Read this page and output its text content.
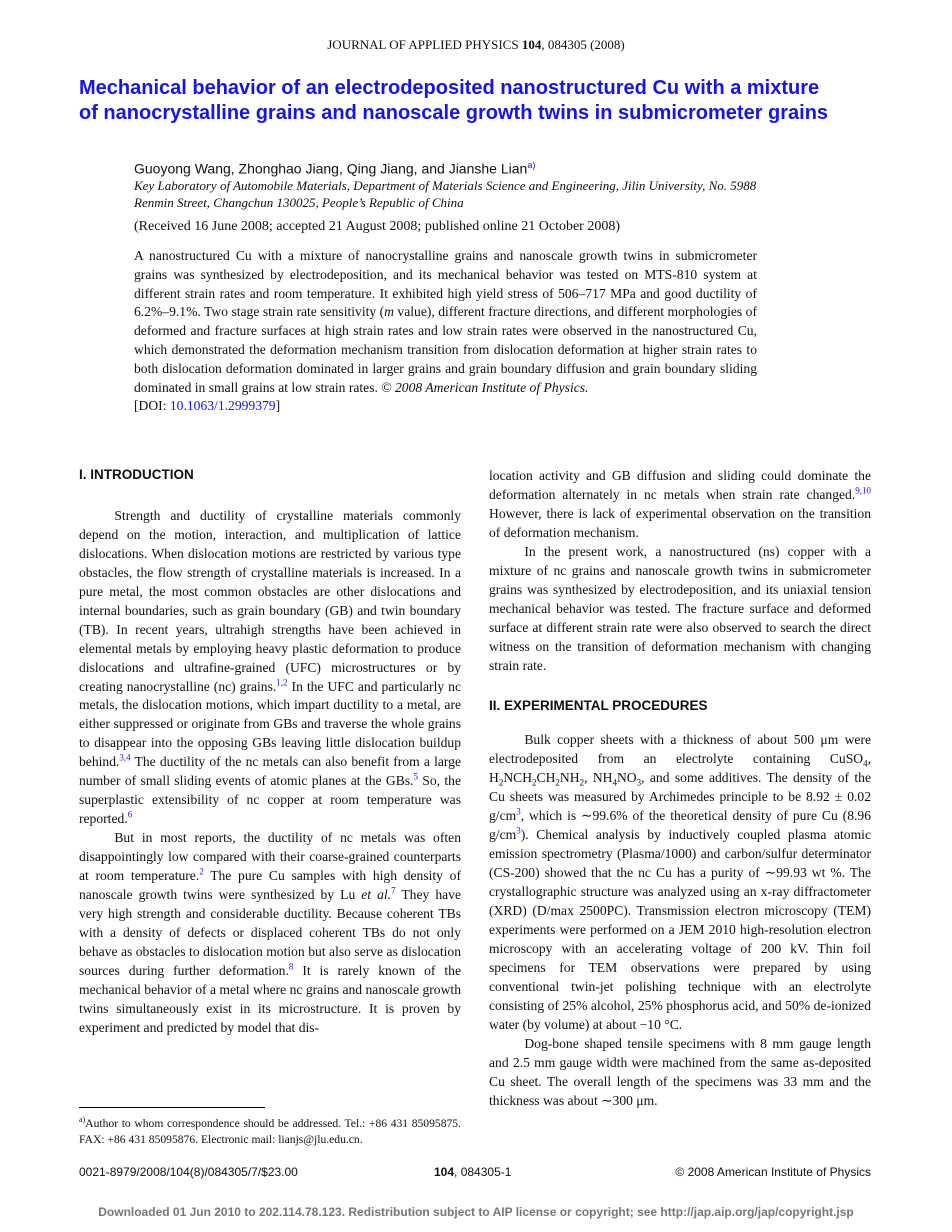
JOURNAL OF APPLIED PHYSICS 104, 084305 (2008)
Mechanical behavior of an electrodeposited nanostructured Cu with a mixture of nanocrystalline grains and nanoscale growth twins in submicrometer grains
Guoyong Wang, Zhonghao Jiang, Qing Jiang, and Jianshe Lian$^{a)}$
Key Laboratory of Automobile Materials, Department of Materials Science and Engineering, Jilin University, No. 5988 Renmin Street, Changchun 130025, People’s Republic of China
(Received 16 June 2008; accepted 21 August 2008; published online 21 October 2008)
A nanostructured Cu with a mixture of nanocrystalline grains and nanoscale growth twins in submicrometer grains was synthesized by electrodeposition, and its mechanical behavior was tested on MTS-810 system at different strain rates and room temperature. It exhibited high yield stress of 506–717 MPa and good ductility of 6.2%–9.1%. Two stage strain rate sensitivity (m value), different fracture directions, and different morphologies of deformed and fracture surfaces at high strain rates and low strain rates were observed in the nanostructured Cu, which demonstrated the deformation mechanism transition from dislocation deformation at higher strain rates to both dislocation deformation dominated in larger grains and grain boundary diffusion and grain boundary sliding dominated in small grains at low strain rates. © 2008 American Institute of Physics.
[DOI: 10.1063/1.2999379]

I. INTRODUCTION

Strength and ductility of crystalline materials commonly depend on the motion, interaction, and multiplication of lattice dislocations. When dislocation motions are restricted by various type obstacles, the flow strength of crystalline materials is increased. In a pure metal, the most common obstacles are other dislocations and internal boundaries, such as grain boundary (GB) and twin boundary (TB). In recent years, ultrahigh strengths have been achieved in elemental metals by employing heavy plastic deformation to produce dislocations and ultrafine-grained (UFC) microstructures or by creating nanocrystalline (nc) grains.$^{1,2}$ In the UFC and particularly nc metals, the dislocation motions, which impart ductility to a metal, are either suppressed or originate from GBs and traverse the whole grains to disappear into the opposing GBs leaving little dislocation buildup behind.$^{3,4}$ The ductility of the nc metals can also benefit from a large number of small sliding events of atomic planes at the GBs.$^5$ So, the superplastic extensibility of nc copper at room temperature was reported.$^6$

But in most reports, the ductility of nc metals was often disappointingly low compared with their coarse-grained counterparts at room temperature.$^2$ The pure Cu samples with high density of nanoscale growth twins were synthesized by Lu et al.$^7$ They have very high strength and considerable ductility. Because coherent TBs with a density of defects or displaced coherent TBs do not only behave as obstacles to dislocation motion but also serve as dislocation sources during further deformation.$^8$ It is rarely known of the mechanical behavior of a metal where nc grains and nanoscale growth twins simultaneously exist in its microstructure. It is proven by experiment and predicted by model that dis-

location activity and GB diffusion and sliding could dominate the deformation alternately in nc metals when strain rate changed.$^{9,10}$ However, there is lack of experimental observation on the transition of deformation mechanism.

In the present work, a nanostructured (ns) copper with a mixture of nc grains and nanoscale growth twins in submicrometer grains was synthesized by electrodeposition, and its uniaxial tension mechanical behavior was tested. The fracture surface and deformed surface at different strain rate were also observed to search the direct witness on the transition of deformation mechanism with changing strain rate.

II. EXPERIMENTAL PROCEDURES

Bulk copper sheets with a thickness of about 500 μm were electrodeposited from an electrolyte containing CuSO$_4$, $H_2NCH_2CH_2NH_2$, $NH_4NO_3$, and some additives. The density of the Cu sheets was measured by Archimedes principle to be 8.92 ± 0.02 $g/cm^3$, which is ∼99.6% of the theoretical density of pure Cu (8.96 $g/cm^3$). Chemical analysis by inductively coupled plasma atomic emission spectrometry (Plasma/1000) and carbon/sulfur determinator (CS-200) showed that the nc Cu has a purity of ∼99.93 wt %. The crystallographic structure was analyzed using an x-ray diffractometer (XRD) (D/max 2500PC). Transmission electron microscopy (TEM) experiments were performed on a JEM 2010 high-resolution electron microscopy with an accelerating voltage of 200 kV. Thin foil specimens for TEM observations were prepared by using conventional twin-jet polishing technique with an electrolyte consisting of 25% alcohol, 25% phosphorus acid, and 50% de-ionized water (by volume) at about −10 °C.

Dog-bone shaped tensile specimens with 8 mm gauge length and 2.5 mm gauge width were machined from the same as-deposited Cu sheet. The overall length of the specimens was 33 mm and the thickness was about ∼300 μm.

$^{a)}$Author to whom correspondence should be addressed. Tel.: +86 431 85095875. FAX: +86 431 85095876. Electronic mail: lianjs@jlu.edu.cn.
0021-8979/2008/104(8)/084305/7/$23.00	104, 084305-1	© 2008 American Institute of Physics
Downloaded 01 Jun 2010 to 202.114.78.123. Redistribution subject to AIP license or copyright; see http://jap.aip.org/jap/copyright.jsp
